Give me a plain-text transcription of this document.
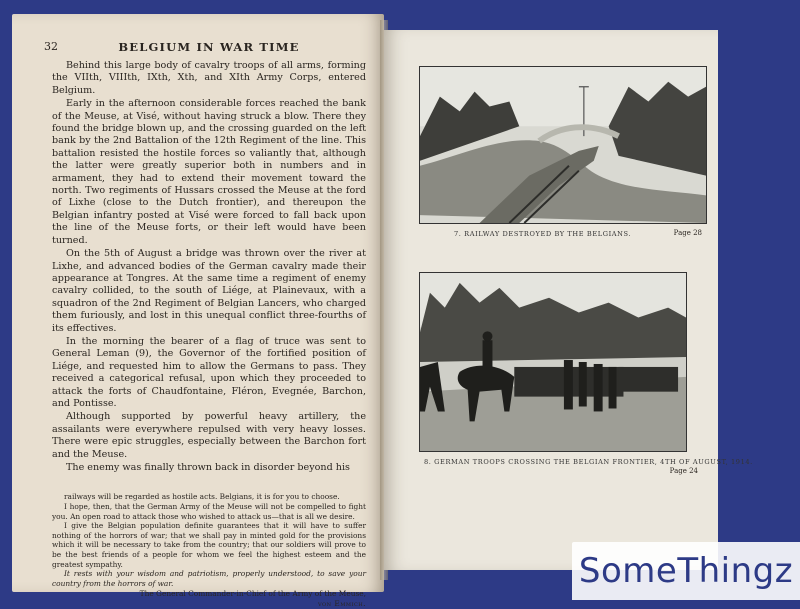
32	BELGIUM IN WAR TIME

Behind this large body of cavalry troops of all arms, forming the VIIth, VIIIth, IXth, Xth, and XIth Army Corps, entered Belgium.

Early in the afternoon considerable forces reached the bank of the Meuse, at Visé, without having struck a blow. There they found the bridge blown up, and the crossing guarded on the left bank by the 2nd Battalion of the 12th Regiment of the line. This battalion resisted the hostile forces so valiantly that, although the latter were greatly superior both in numbers and in armament, they had to extend their movement toward the north. Two regiments of Hussars crossed the Meuse at the ford of Lixhe (close to the Dutch frontier), and thereupon the Belgian infantry posted at Visé were forced to fall back upon the line of the Meuse forts, or their left would have been turned.

On the 5th of August a bridge was thrown over the river at Lixhe, and advanced bodies of the German cavalry made their appearance at Tongres. At the same time a regiment of enemy cavalry collided, to the south of Liége, at Plainevaux, with a squadron of the 2nd Regiment of Belgian Lancers, who charged them furiously, and lost in this unequal conflict three-fourths of its effectives.

In the morning the bearer of a flag of truce was sent to General Leman (9), the Governor of the fortified position of Liége, and requested him to allow the Germans to pass. They received a categorical refusal, upon which they proceeded to attack the forts of Chaudfontaine, Fléron, Evegnée, Barchon, and Pontisse.

Although supported by powerful heavy artillery, the assailants were everywhere repulsed with very heavy losses. There were epic struggles, especially between the Barchon fort and the Meuse.

The enemy was finally thrown back in disorder beyond his

railways will be regarded as hostile acts. Belgians, it is for you to choose.

I hope, then, that the German Army of the Meuse will not be compelled to fight you. An open road to attack those who wished to attack us—that is all we desire.

I give the Belgian population definite guarantees that it will have to suffer nothing of the horrors of war; that we shall pay in minted gold for the provisions which it will be necessary to take from the country; that our soldiers will prove to be the best friends of a people for whom we feel the highest esteem and the greatest sympathy.

It rests with your wisdom and patriotism, properly understood, to save your country from the horrors of war.

The General Commander-in-Chief of the Army of the Meuse,
von Emmich.

7. RAILWAY DESTROYED BY THE BELGIANS.	Page 28
8. GERMAN TROOPS CROSSING THE BELGIAN FRONTIER, 4TH OF AUGUST, 1914.
Page 24
SomeThingz
